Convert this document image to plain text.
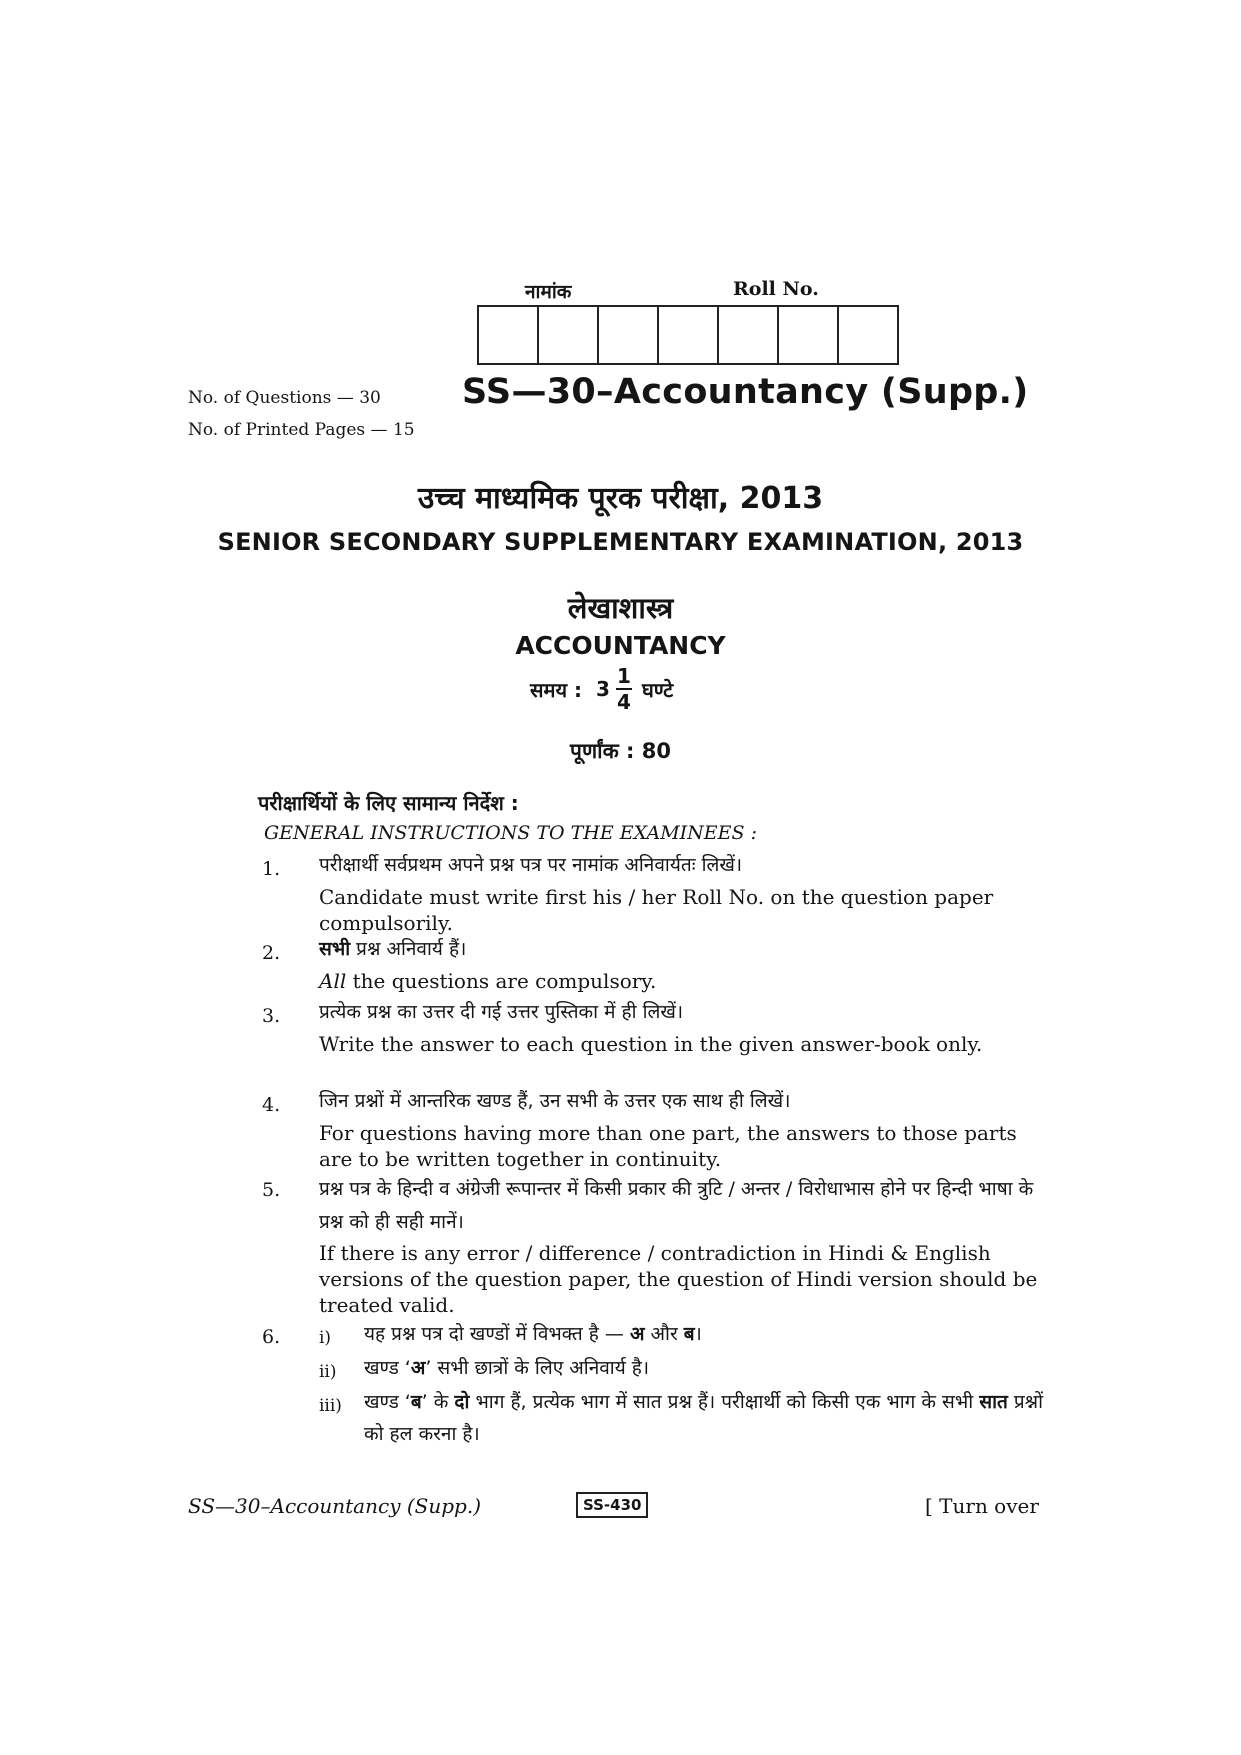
नामांक	Roll No.
No. of Questions — 30
No. of Printed Pages — 15
SS—30–Accountancy (Supp.)
उच्च माध्यमिक पूरक परीक्षा, 2013
SENIOR SECONDARY SUPPLEMENTARY EXAMINATION, 2013
लेखाशास्त्र
ACCOUNTANCY
समय : $3 \frac{1}{4}$ घण्टे
पूर्णांक : 80
परीक्षार्थियों के लिए सामान्य निर्देश :
GENERAL INSTRUCTIONS TO THE EXAMINEES :
1. परीक्षार्थी सर्वप्रथम अपने प्रश्न पत्र पर नामांक अनिवार्यतः लिखें।
Candidate must write first his / her Roll No. on the question paper compulsorily.
2. सभी प्रश्न अनिवार्य हैं।
All the questions are compulsory.
3. प्रत्येक प्रश्न का उत्तर दी गई उत्तर पुस्तिका में ही लिखें।
Write the answer to each question in the given answer-book only.
4. जिन प्रश्नों में आन्तरिक खण्ड हैं, उन सभी के उत्तर एक साथ ही लिखें।
For questions having more than one part, the answers to those parts are to be written together in continuity.
5. प्रश्न पत्र के हिन्दी व अंग्रेजी रूपान्तर में किसी प्रकार की त्रुटि / अन्तर / विरोधाभास होने पर हिन्दी भाषा के प्रश्न को ही सही मानें।
If there is any error / difference / contradiction in Hindi & English versions of the question paper, the question of Hindi version should be treated valid.
6. i) यह प्रश्न पत्र दो खण्डों में विभक्त है — अ और ब।
ii) खण्ड ‘अ’ सभी छात्रों के लिए अनिवार्य है।
iii) खण्ड ‘ब’ के दो भाग हैं, प्रत्येक भाग में सात प्रश्न हैं। परीक्षार्थी को किसी एक भाग के सभी सात प्रश्नों को हल करना है।
SS—30–Accountancy (Supp.)	SS-430	[ Turn over
